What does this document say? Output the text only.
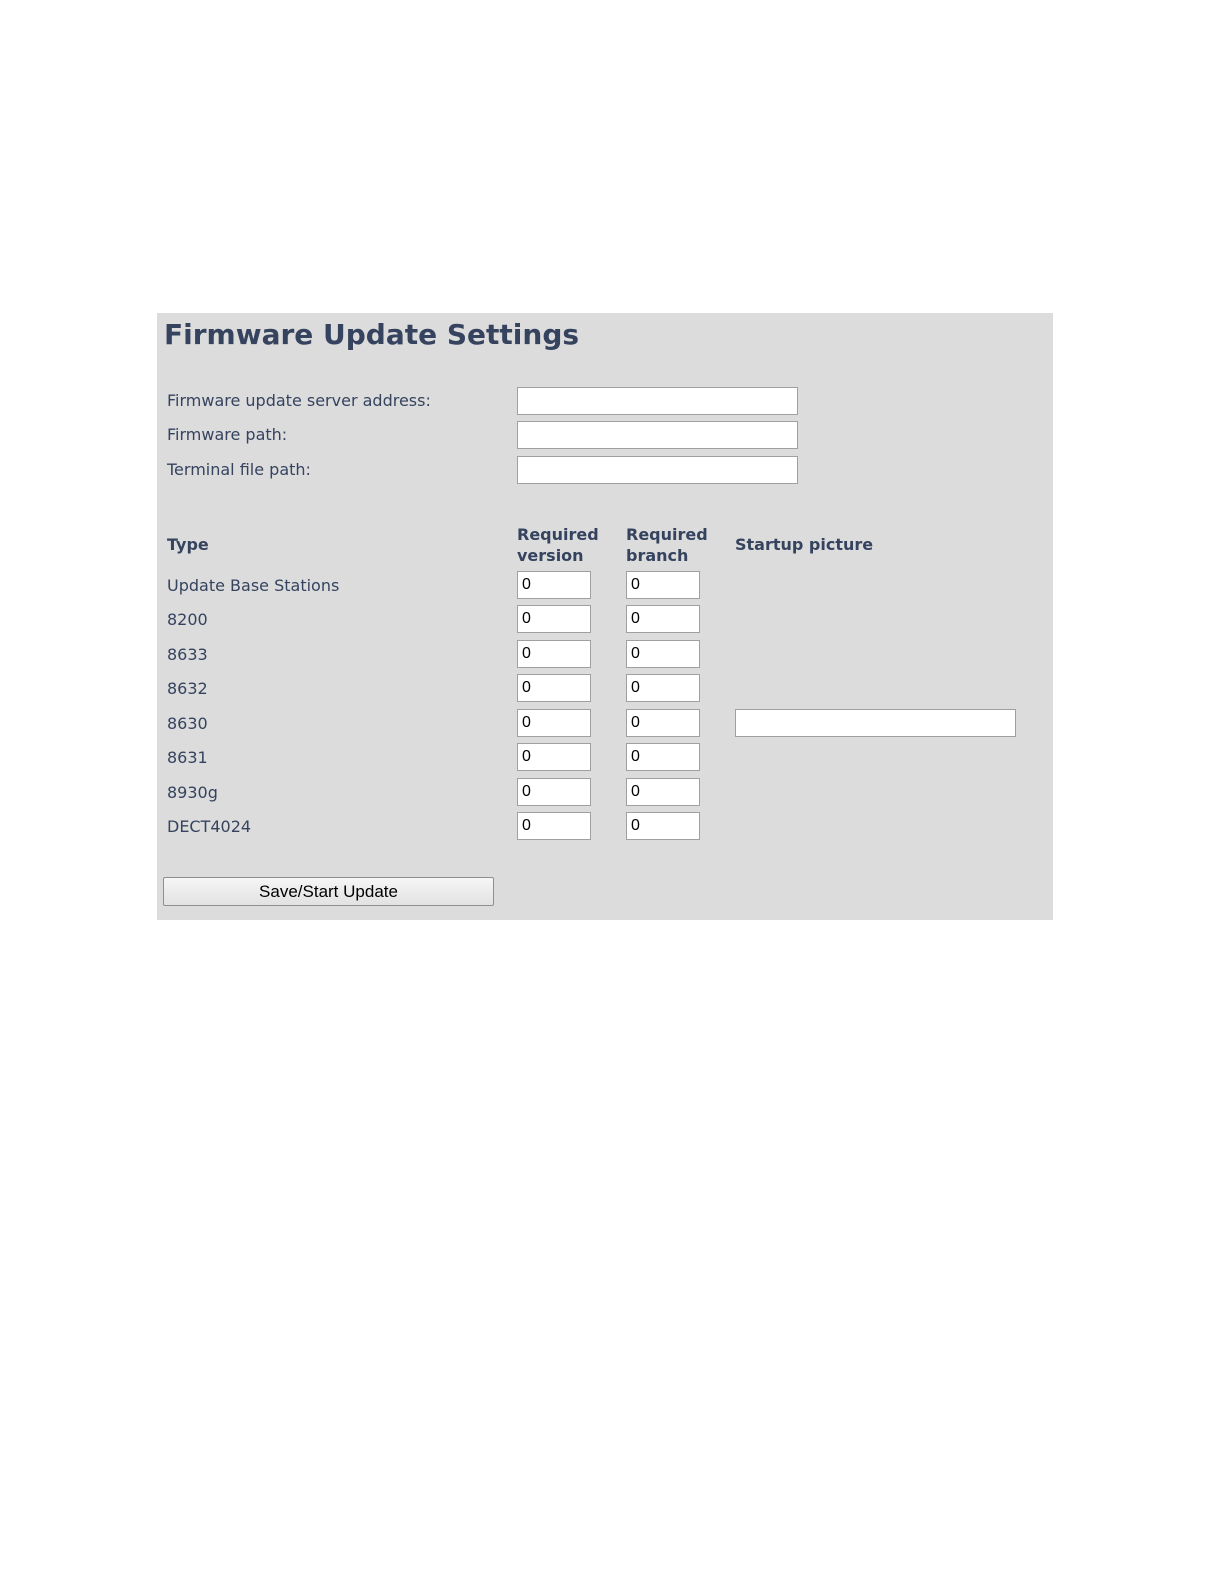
Firmware Update Settings
Firmware update server address:
Firmware path:
Terminal file path:
Type
Required
version
Required
branch
Startup picture
Update Base Stations
0
0
8200
0
0
8633
0
0
8632
0
0
8630
0
0
8631
0
0
8930g
0
0
DECT4024
0
0
Save/Start Update
